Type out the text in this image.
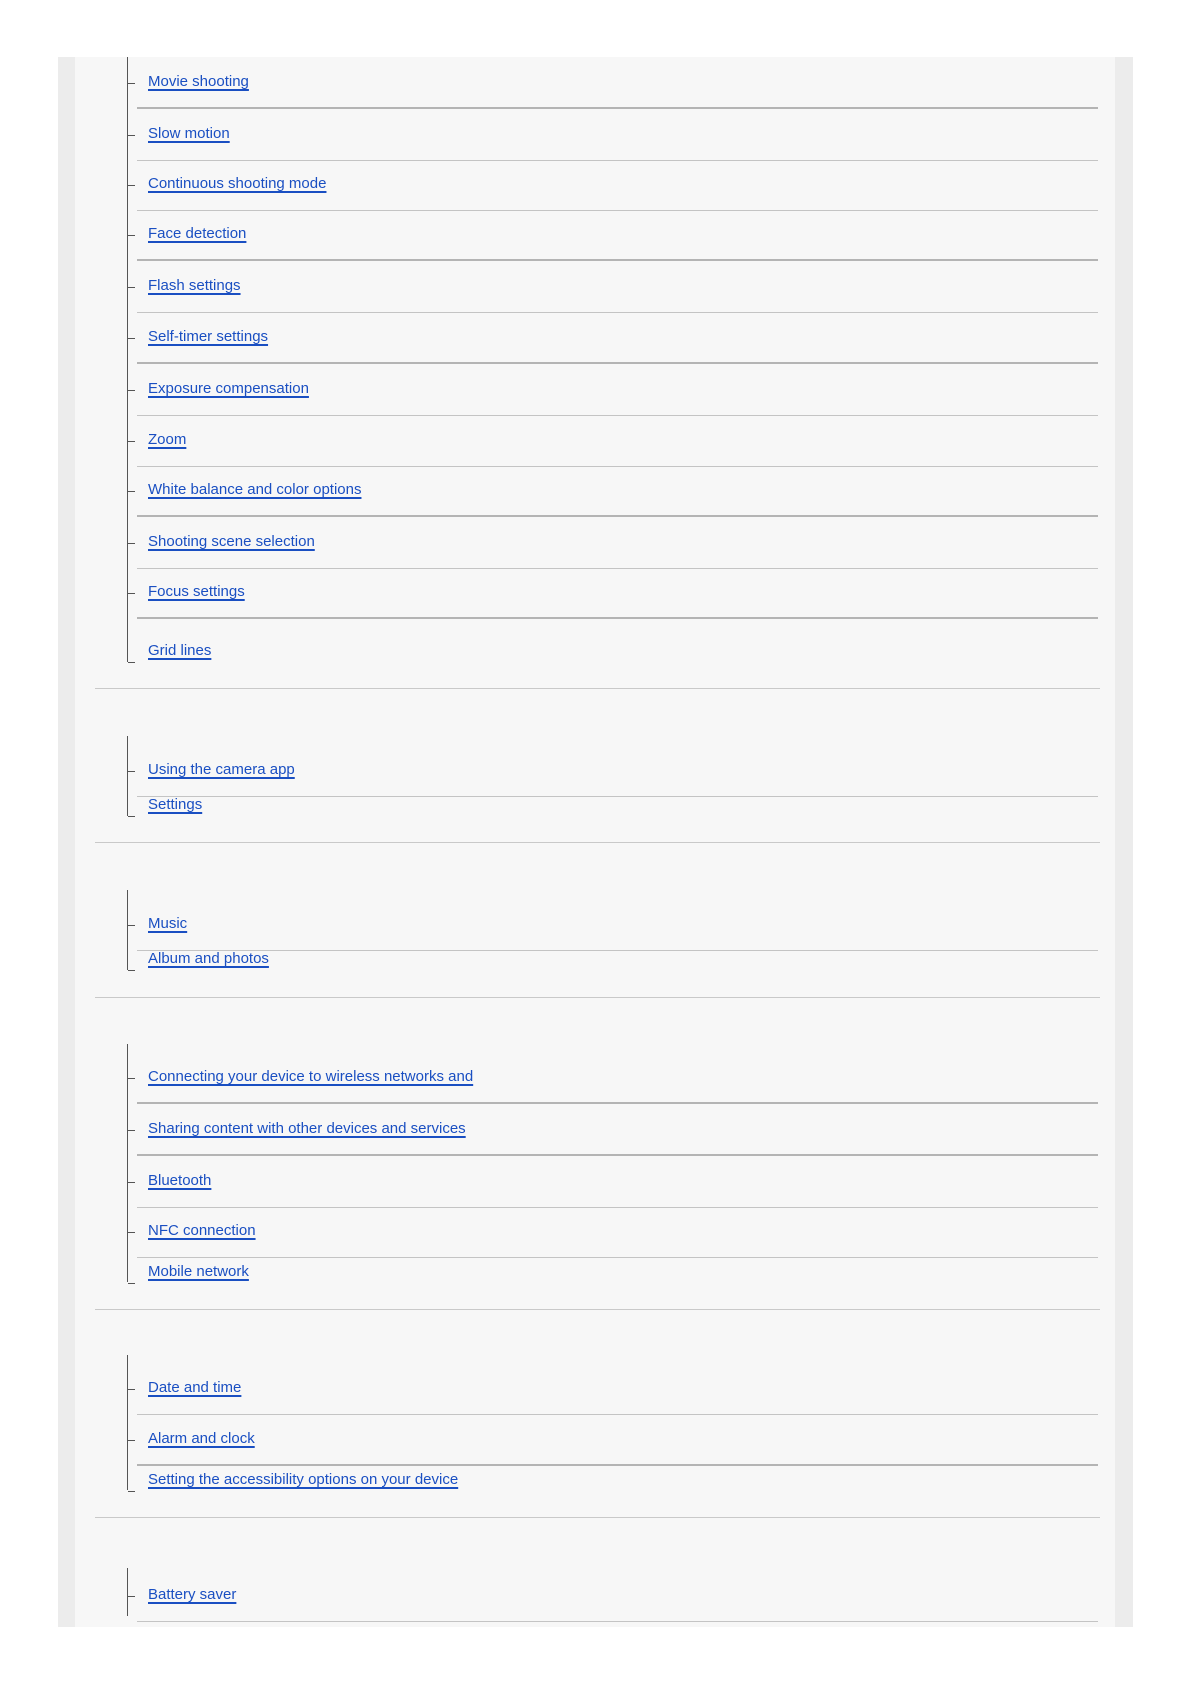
Movie shooting
Slow motion
Continuous shooting mode
Face detection
Flash settings
Self-timer settings
Exposure compensation
Zoom
White balance and color options
Shooting scene selection
Focus settings
Grid lines
Using the camera app
Settings
Music
Album and photos
Connecting your device to wireless networks and
Sharing content with other devices and services
Bluetooth
NFC connection
Mobile network
Date and time
Alarm and clock
Setting the accessibility options on your device
Battery saver
